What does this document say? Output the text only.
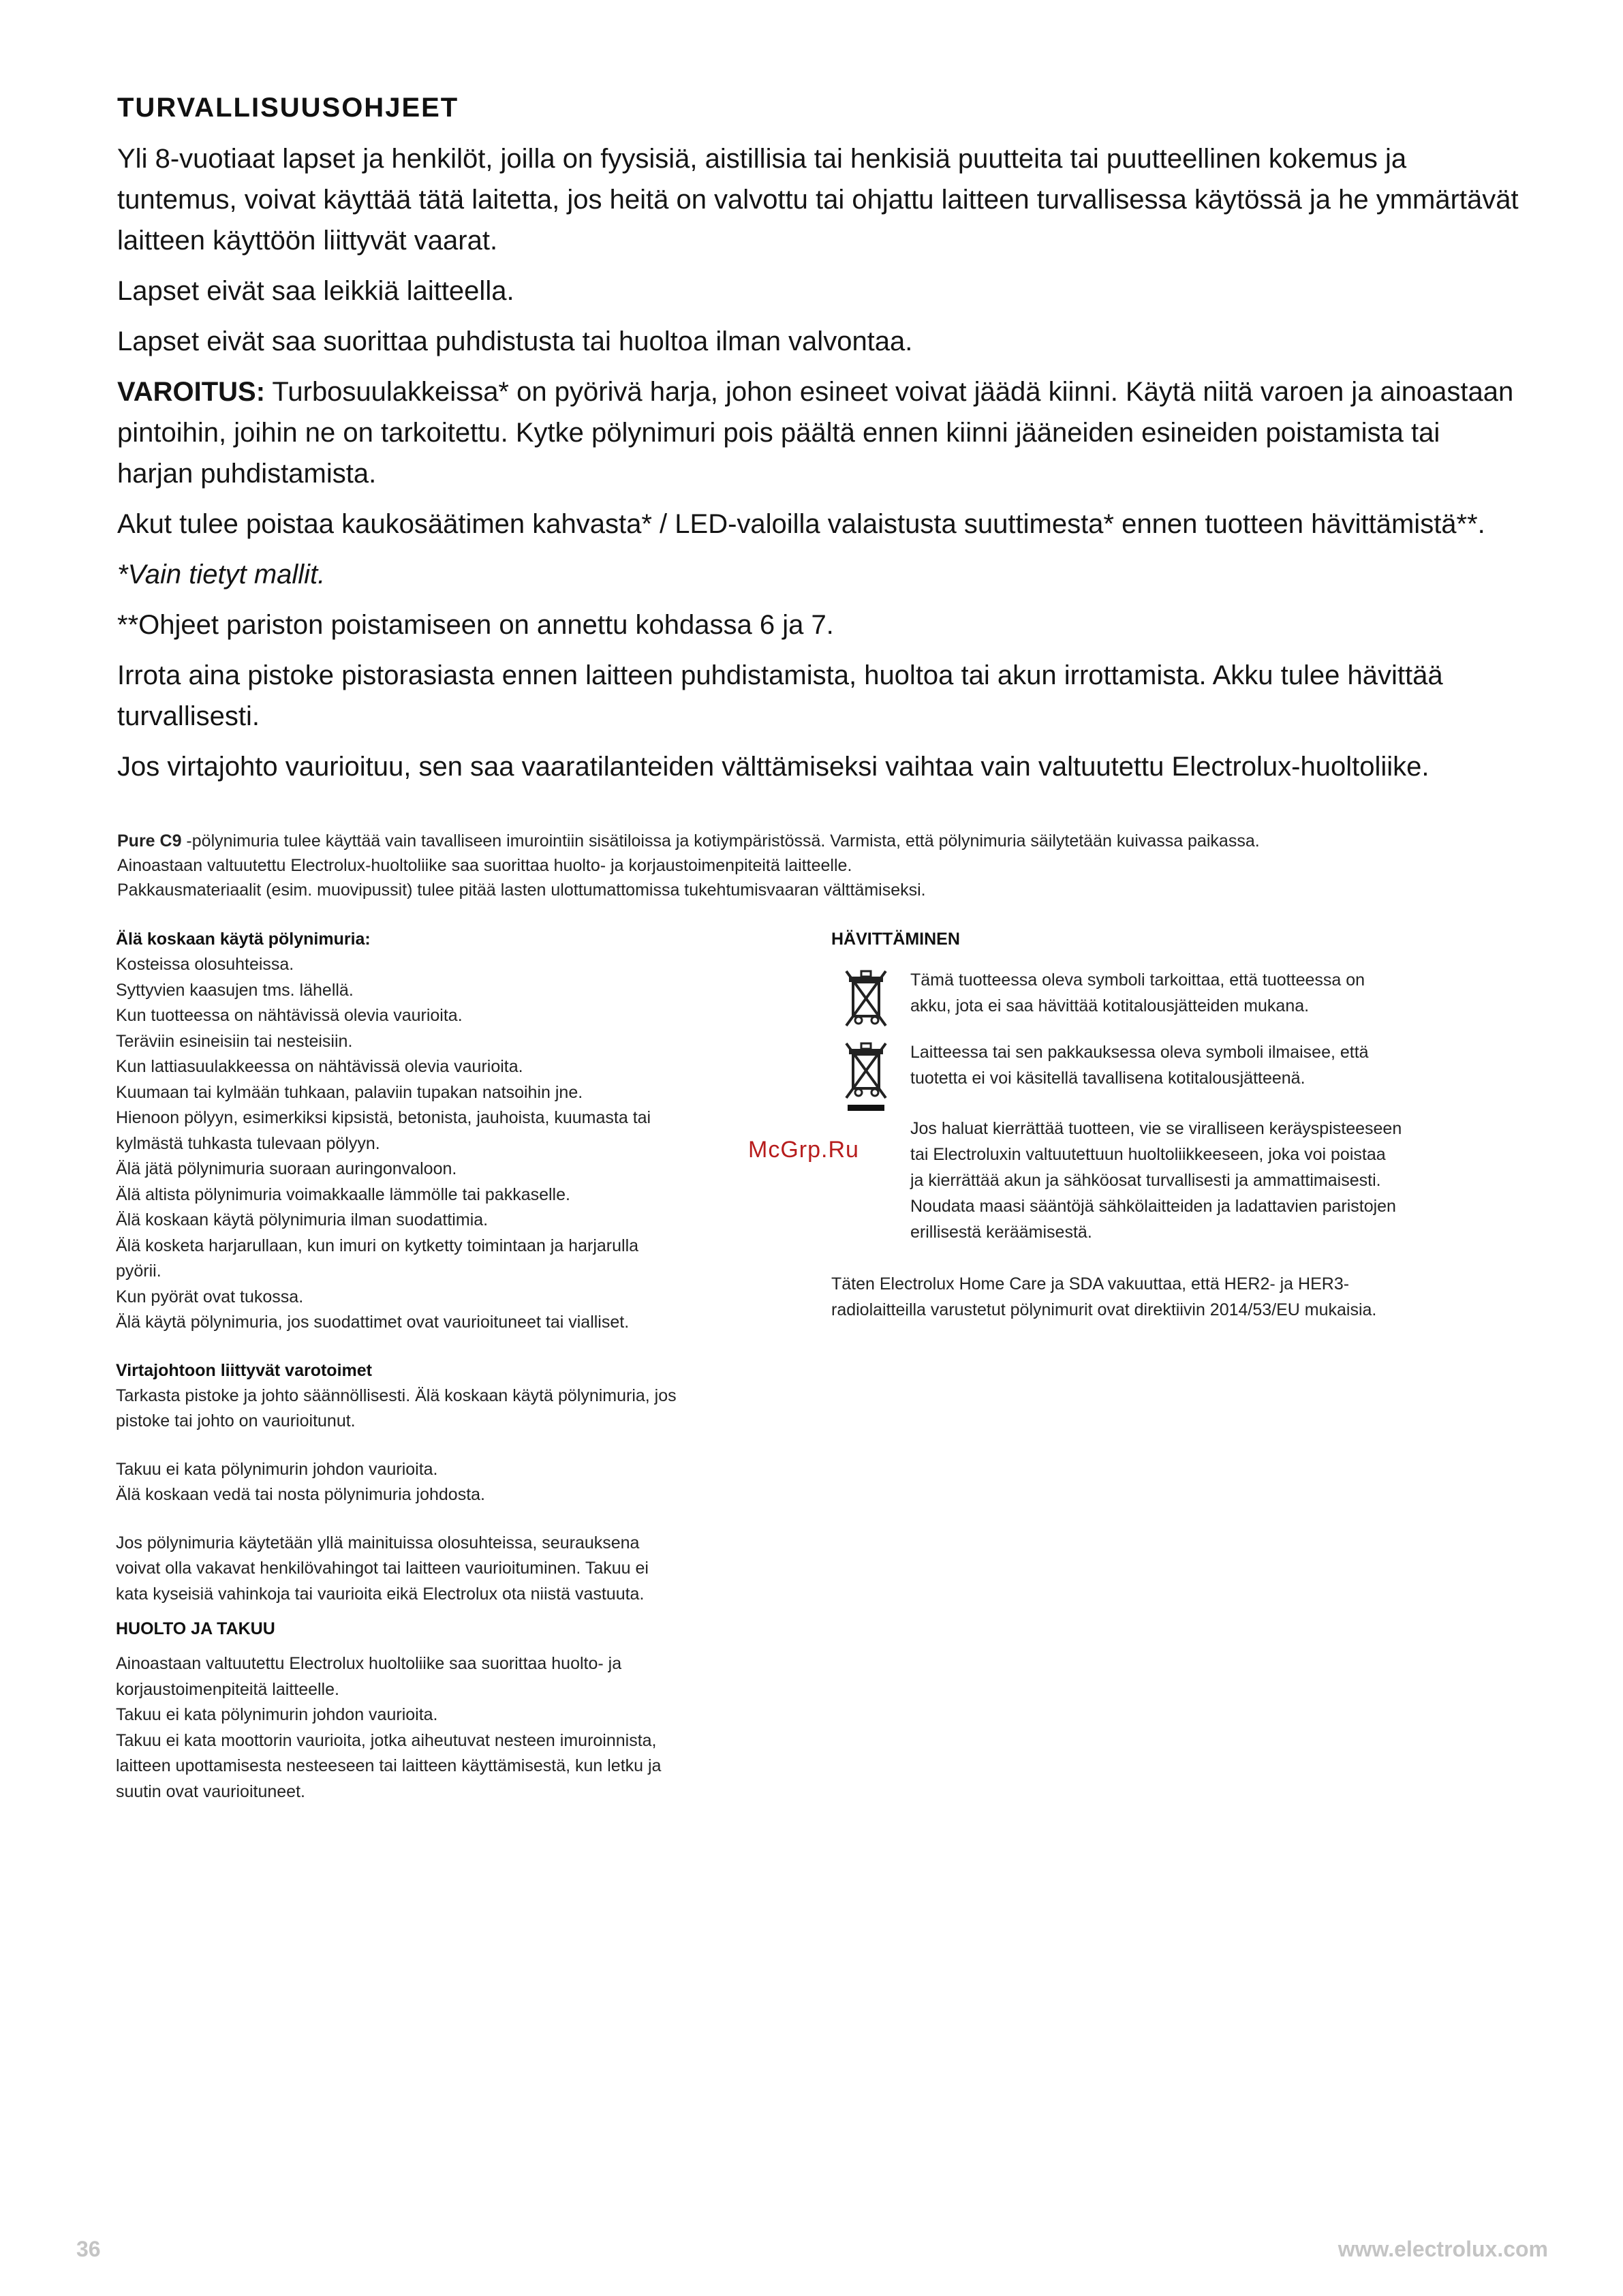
TURVALLISUUSOHJEET

Yli 8-vuotiaat lapset ja henkilöt, joilla on fyysisiä, aistillisia tai henkisiä puutteita tai puutteellinen kokemus ja tuntemus, voivat käyttää tätä laitetta, jos heitä on valvottu tai ohjattu laitteen turvallisessa käytössä ja he ymmärtävät laitteen käyttöön liittyvät vaarat.

Lapset eivät saa leikkiä laitteella.

Lapset eivät saa suorittaa puhdistusta tai huoltoa ilman valvontaa.

VAROITUS: Turbosuulakkeissa* on pyörivä harja, johon esineet voivat jäädä kiinni. Käytä niitä varoen ja ainoastaan pintoihin, joihin ne on tarkoitettu. Kytke pölynimuri pois päältä ennen kiinni jääneiden esineiden poistamista tai harjan puhdistamista.

Akut tulee poistaa kaukosäätimen kahvasta* / LED-valoilla valaistusta suuttimesta* ennen tuotteen hävittämistä**.

*Vain tietyt mallit.

**Ohjeet pariston poistamiseen on annettu kohdassa 6 ja 7.

Irrota aina pistoke pistorasiasta ennen laitteen puhdistamista, huoltoa tai akun irrottamista. Akku tulee hävittää turvallisesti.

Jos virtajohto vaurioituu, sen saa vaaratilanteiden välttämiseksi vaihtaa vain valtuutettu Electrolux-huoltoliike.

Pure C9 -pölynimuria tulee käyttää vain tavalliseen imurointiin sisätiloissa ja kotiympäristössä. Varmista, että pölynimuria säilytetään kuivassa paikassa.
Ainoastaan valtuutettu Electrolux-huoltoliike saa suorittaa huolto- ja korjaustoimenpiteitä laitteelle.
Pakkausmateriaalit (esim. muovipussit) tulee pitää lasten ulottumattomissa tukehtumisvaaran välttämiseksi.
Älä koskaan käytä pölynimuria:
Kosteissa olosuhteissa.
Syttyvien kaasujen tms. lähellä.
Kun tuotteessa on nähtävissä olevia vaurioita.
Teräviin esineisiin tai nesteisiin.
Kun lattiasuulakkeessa on nähtävissä olevia vaurioita.
Kuumaan tai kylmään tuhkaan, palaviin tupakan natsoihin jne.
Hienoon pölyyn, esimerkiksi kipsistä, betonista, jauhoista, kuumasta tai
kylmästä tuhkasta tulevaan pölyyn.
Älä jätä pölynimuria suoraan auringonvaloon.
Älä altista pölynimuria voimakkaalle lämmölle tai pakkaselle.
Älä koskaan käytä pölynimuria ilman suodattimia.
Älä kosketa harjarullaan, kun imuri on kytketty toimintaan ja harjarulla
pyörii.
Kun pyörät ovat tukossa.
Älä käytä pölynimuria, jos suodattimet ovat vaurioituneet tai vialliset.
Virtajohtoon liittyvät varotoimet
Tarkasta pistoke ja johto säännöllisesti. Älä koskaan käytä pölynimuria, jos
pistoke tai johto on vaurioitunut.
Takuu ei kata pölynimurin johdon vaurioita.
Älä koskaan vedä tai nosta pölynimuria johdosta.
Jos pölynimuria käytetään yllä mainituissa olosuhteissa, seurauksena
voivat olla vakavat henkilövahingot tai laitteen vaurioituminen. Takuu ei
kata kyseisiä vahinkoja tai vaurioita eikä Electrolux ota niistä vastuuta.
HUOLTO JA TAKUU
Ainoastaan valtuutettu Electrolux huoltoliike saa suorittaa huolto- ja
korjaustoimenpiteitä laitteelle.
Takuu ei kata pölynimurin johdon vaurioita.
Takuu ei kata moottorin vaurioita, jotka aiheutuvat nesteen imuroinnista,
laitteen upottamisesta nesteeseen tai laitteen käyttämisestä, kun letku ja
suutin ovat vaurioituneet.
HÄVITTÄMINEN
Tämä tuotteessa oleva symboli tarkoittaa, että tuotteessa on
akku, jota ei saa hävittää kotitalousjätteiden mukana.
Laitteessa tai sen pakkauksessa oleva symboli ilmaisee, että
tuotetta ei voi käsitellä tavallisena kotitalousjätteenä.
Jos haluat kierrättää tuotteen, vie se viralliseen keräyspisteeseen
tai Electroluxin valtuutettuun huoltoliikkeeseen, joka voi poistaa
ja kierrättää akun ja sähköosat turvallisesti ja ammattimaisesti.
Noudata maasi sääntöjä sähkölaitteiden ja ladattavien paristojen
erillisestä keräämisestä.
Täten Electrolux Home Care ja SDA vakuuttaa, että HER2- ja HER3-
radiolaitteilla varustetut pölynimurit ovat direktiivin 2014/53/EU mukaisia.
McGrp.Ru
36	www.electrolux.com
